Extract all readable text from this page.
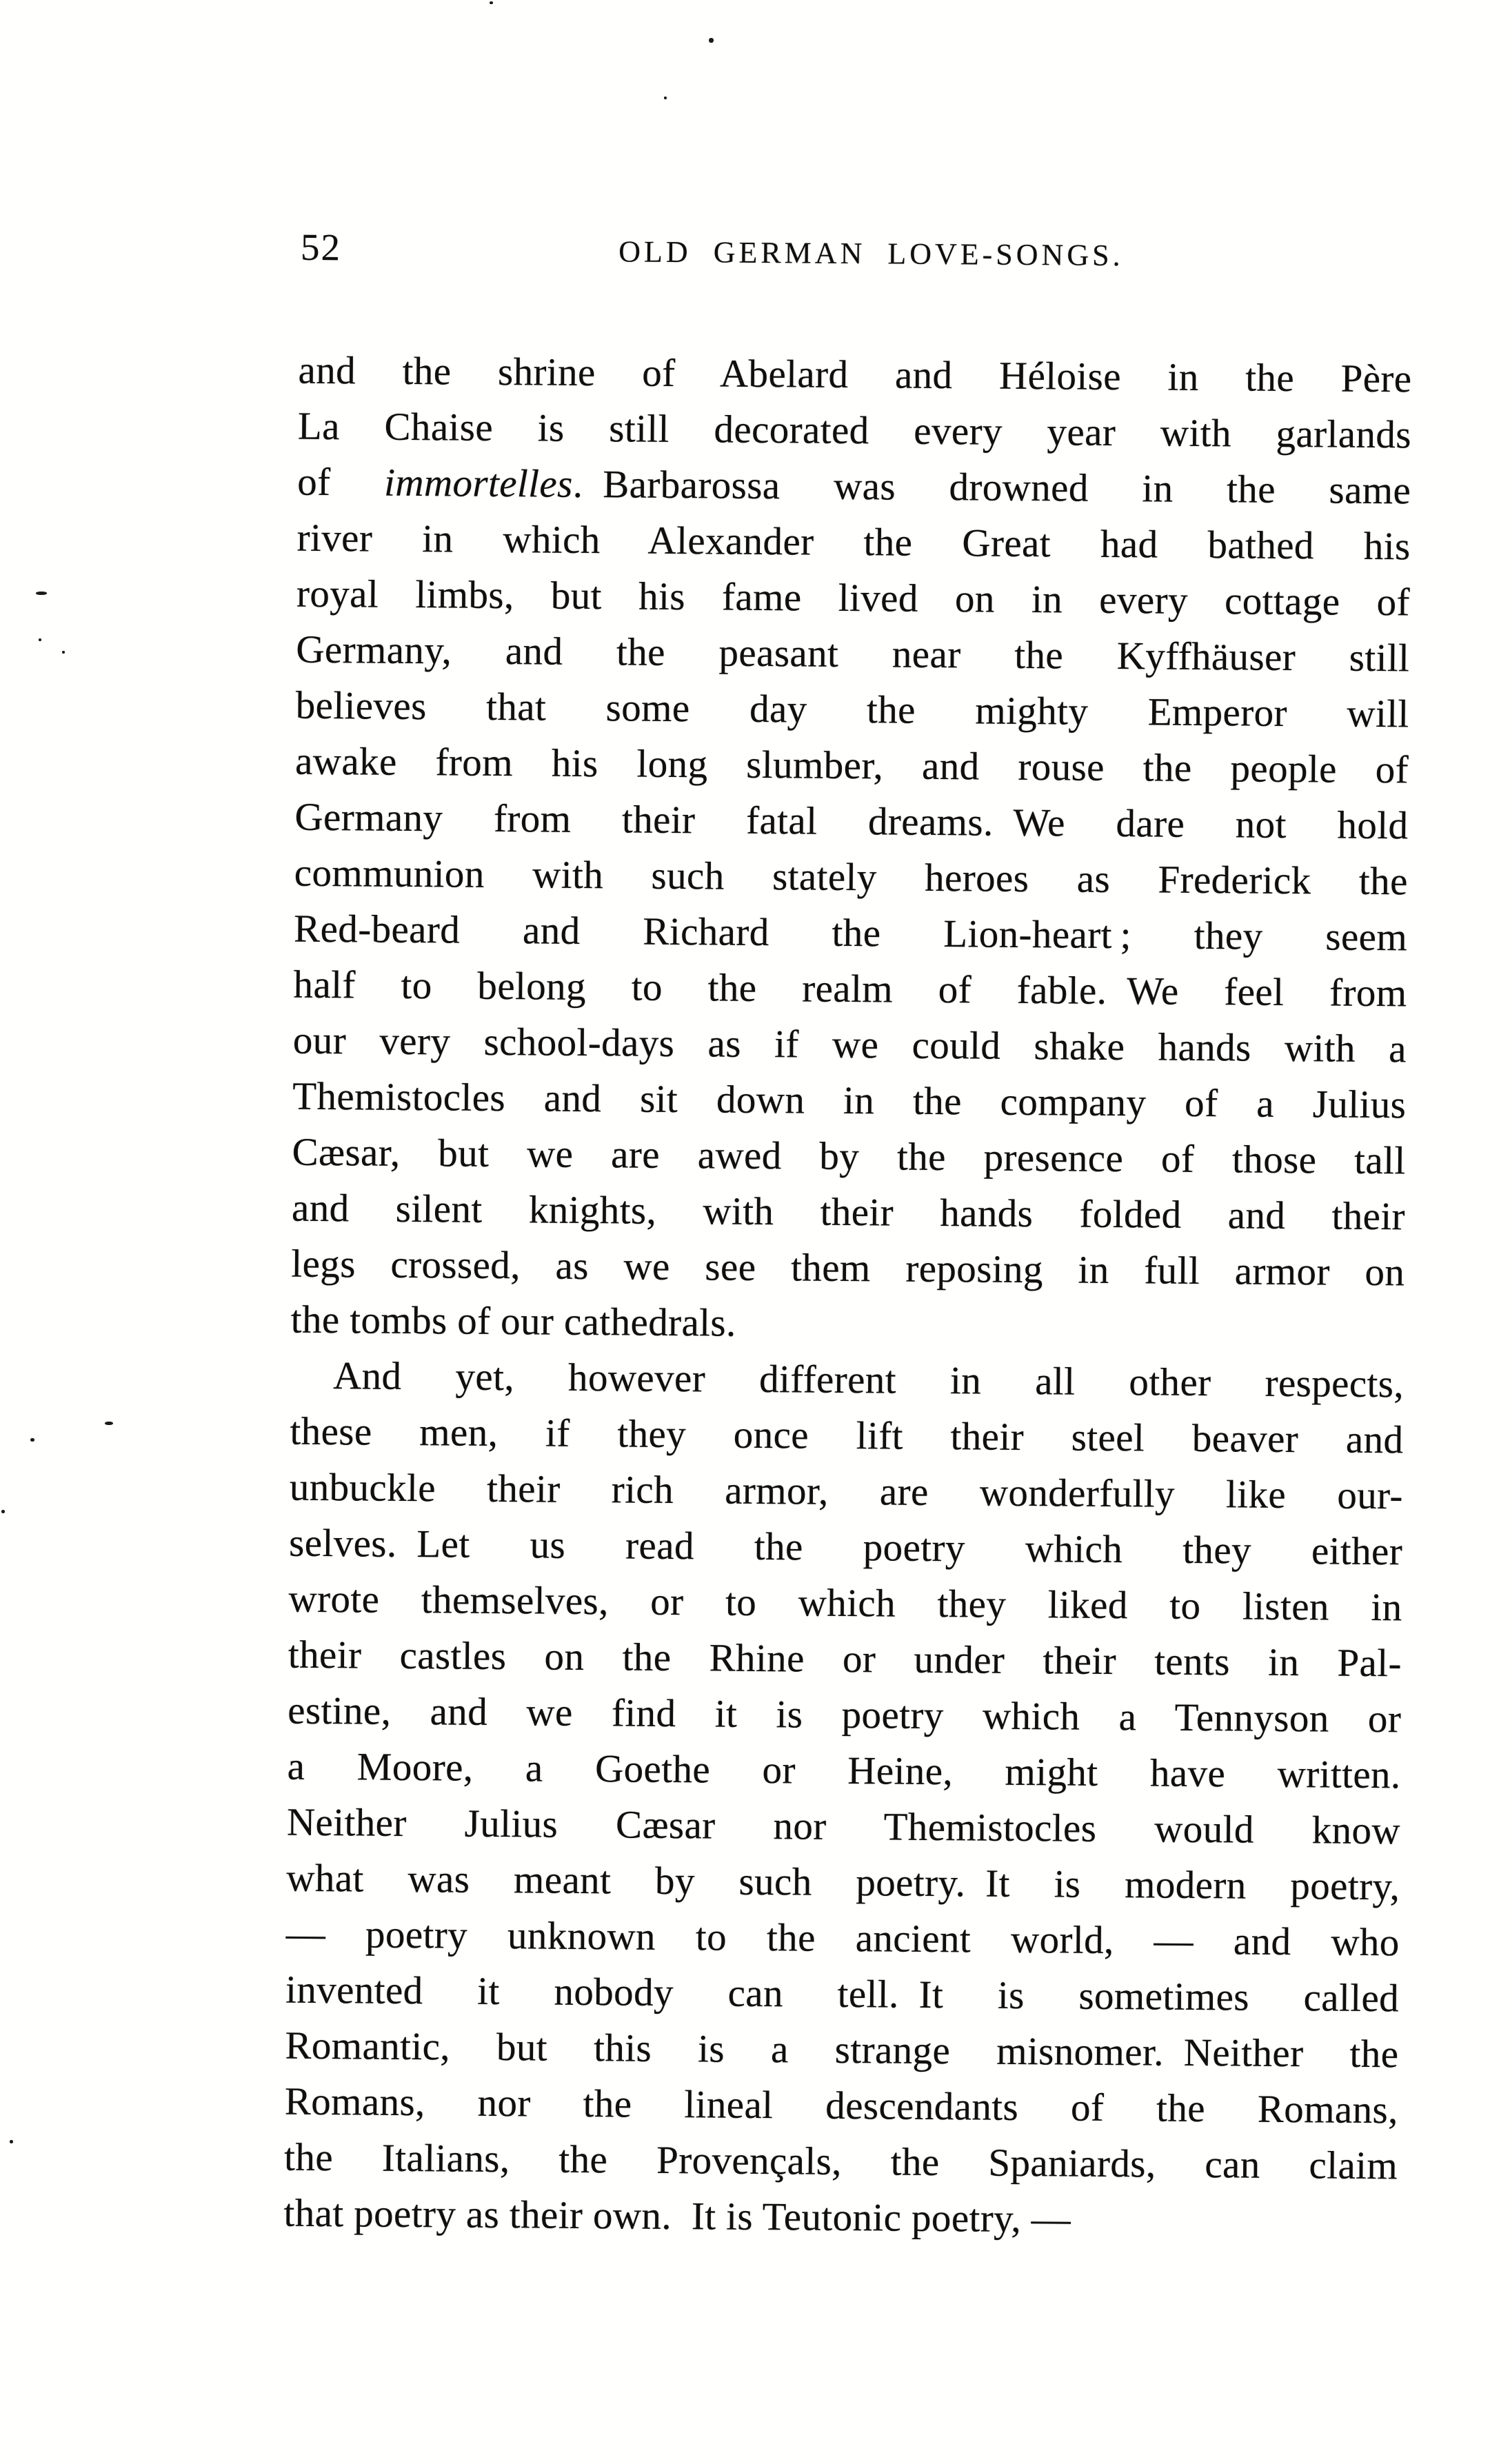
52	OLD GERMAN LOVE-SONGS.
and the shrine of Abelard and Héloise in the Père
La Chaise is still decorated every year with garlands
of immortelles. Barbarossa was drowned in the same
river in which Alexander the Great had bathed his
royal limbs, but his fame lived on in every cottage of
Germany, and the peasant near the Kyffhäuser still
believes that some day the mighty Emperor will
awake from his long slumber, and rouse the people of
Germany from their fatal dreams. We dare not hold
communion with such stately heroes as Frederick the
Red-beard and Richard the Lion-heart ; they seem
half to belong to the realm of fable. We feel from
our very school-days as if we could shake hands with a
Themistocles and sit down in the company of a Julius
Cæsar, but we are awed by the presence of those tall
and silent knights, with their hands folded and their
legs crossed, as we see them reposing in full armor on
the tombs of our cathedrals.
And yet, however different in all other respects,
these men, if they once lift their steel beaver and
unbuckle their rich armor, are wonderfully like our-
selves. Let us read the poetry which they either
wrote themselves, or to which they liked to listen in
their castles on the Rhine or under their tents in Pal-
estine, and we find it is poetry which a Tennyson or
a Moore, a Goethe or Heine, might have written.
Neither Julius Cæsar nor Themistocles would know
what was meant by such poetry. It is modern poetry,
— poetry unknown to the ancient world, — and who
invented it nobody can tell. It is sometimes called
Romantic, but this is a strange misnomer. Neither the
Romans, nor the lineal descendants of the Romans,
the Italians, the Provençals, the Spaniards, can claim
that poetry as their own. It is Teutonic poetry, —
